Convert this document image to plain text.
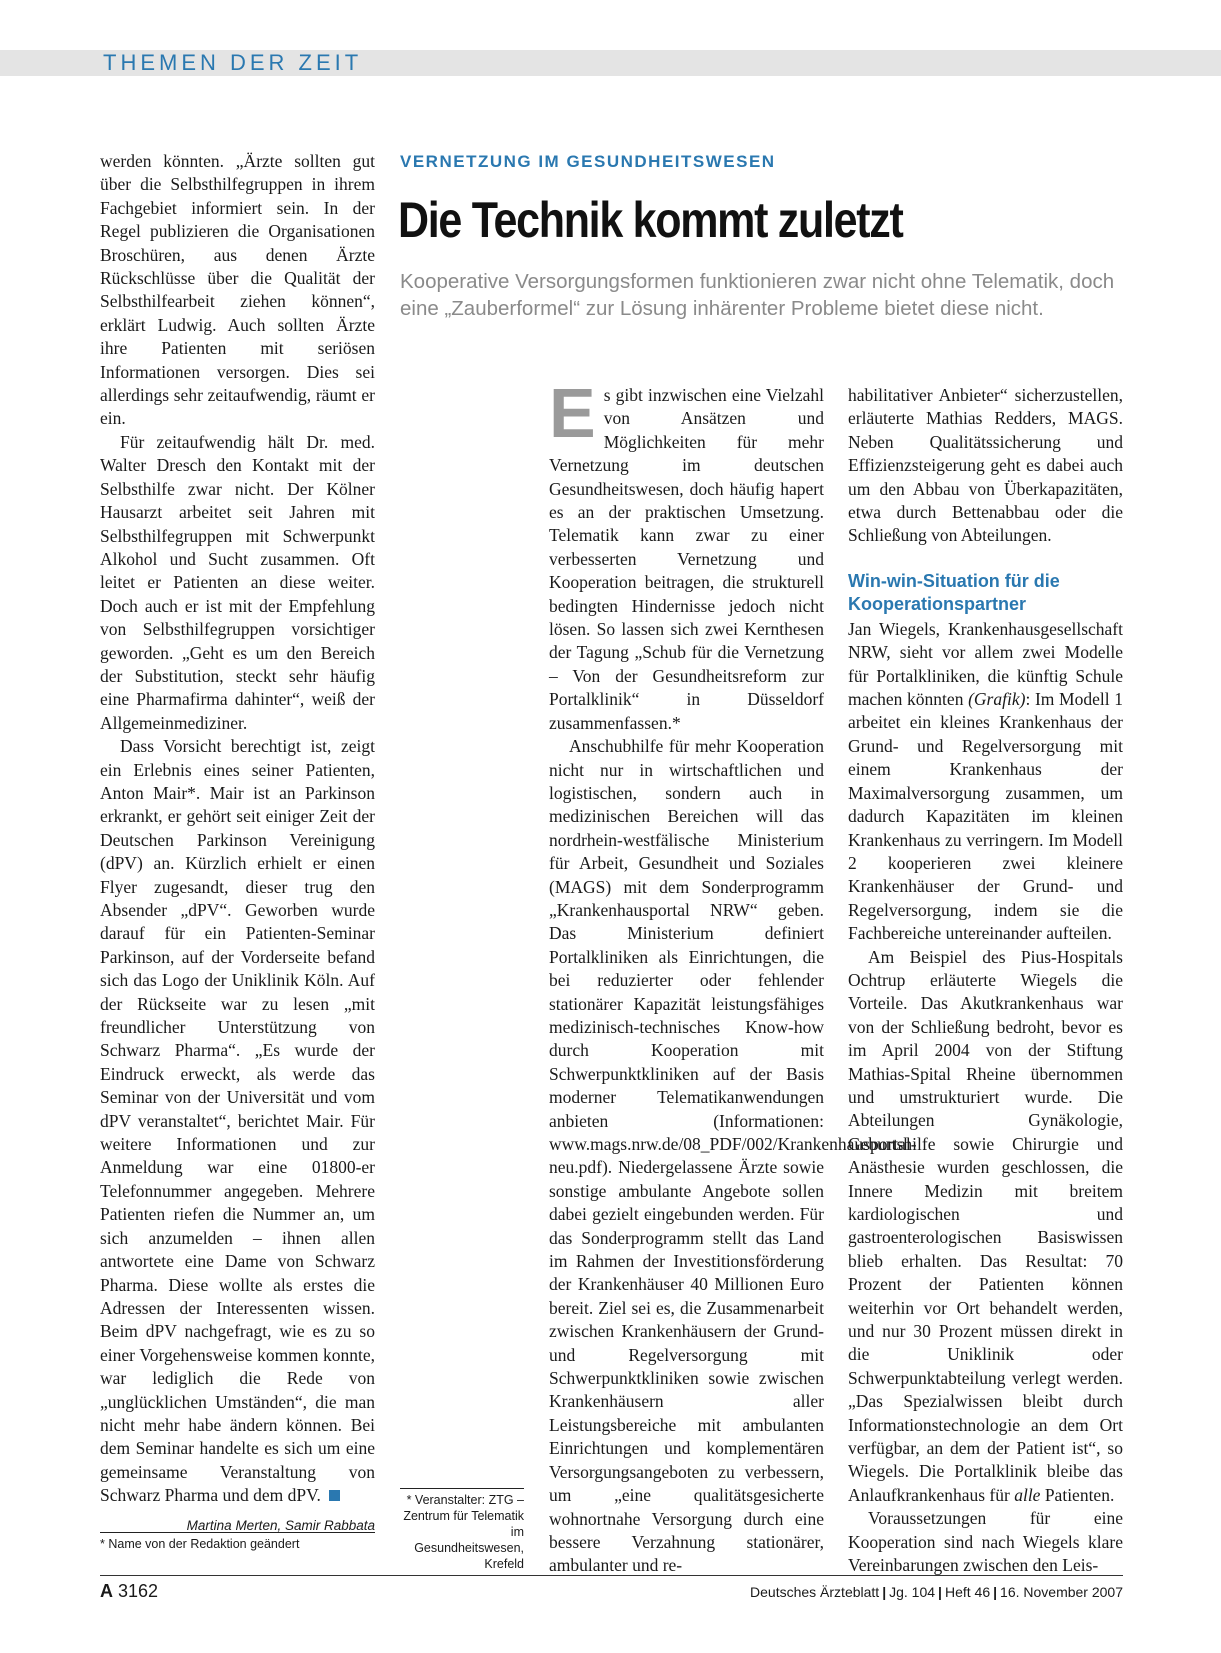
THEMEN DER ZEIT

werden könnten. „Ärzte sollten gut über die Selbsthilfegruppen in ihrem Fachgebiet informiert sein. In der Regel publizieren die Organisationen Broschüren, aus denen Ärzte Rückschlüsse über die Qualität der Selbsthilfearbeit ziehen können“, erklärt Ludwig. Auch sollten Ärzte ihre Patienten mit seriösen Informationen versorgen. Dies sei allerdings sehr zeitaufwendig, räumt er ein.

Für zeitaufwendig hält Dr. med. Walter Dresch den Kontakt mit der Selbsthilfe zwar nicht. Der Kölner Hausarzt arbeitet seit Jahren mit Selbsthilfegruppen mit Schwerpunkt Alkohol und Sucht zusammen. Oft leitet er Patienten an diese weiter. Doch auch er ist mit der Empfehlung von Selbsthilfegruppen vorsichtiger geworden. „Geht es um den Bereich der Substitution, steckt sehr häufig eine Pharmafirma dahinter“, weiß der Allgemeinmediziner.

Dass Vorsicht berechtigt ist, zeigt ein Erlebnis eines seiner Patienten, Anton Mair*. Mair ist an Parkinson erkrankt, er gehört seit einiger Zeit der Deutschen Parkinson Vereinigung (dPV) an. Kürzlich erhielt er einen Flyer zugesandt, dieser trug den Absender „dPV“. Geworben wurde darauf für ein Patienten-Seminar Parkinson, auf der Vorderseite befand sich das Logo der Uniklinik Köln. Auf der Rückseite war zu lesen „mit freundlicher Unterstützung von Schwarz Pharma“. „Es wurde der Eindruck erweckt, als werde das Seminar von der Universität und vom dPV veranstaltet“, berichtet Mair. Für weitere Informationen und zur Anmeldung war eine 01800-er Telefonnummer angegeben. Mehrere Patienten riefen die Nummer an, um sich anzumelden – ihnen allen antwortete eine Dame von Schwarz Pharma. Diese wollte als erstes die Adressen der Interessenten wissen. Beim dPV nachgefragt, wie es zu so einer Vorgehensweise kommen konnte, war lediglich die Rede von „unglücklichen Umständen“, die man nicht mehr habe ändern können. Bei dem Seminar handelte es sich um eine gemeinsame Veranstaltung von Schwarz Pharma und dem dPV.

Martina Merten, Samir Rabbata
* Name von der Redaktion geändert
VERNETZUNG IM GESUNDHEITSWESEN
Die Technik kommt zuletzt
Kooperative Versorgungsformen funktionieren zwar nicht ohne Telematik, doch eine „Zauberformel“ zur Lösung inhärenter Probleme bietet diese nicht.

E s gibt inzwischen eine Vielzahl von Ansätzen und Möglichkeiten für mehr Vernetzung im deutschen Gesundheitswesen, doch häufig hapert es an der praktischen Umsetzung. Telematik kann zwar zu einer verbesserten Vernetzung und Kooperation beitragen, die strukturell bedingten Hindernisse jedoch nicht lösen. So lassen sich zwei Kernthesen der Tagung „Schub für die Vernetzung – Von der Gesundheitsreform zur Portalklinik“ in Düsseldorf zusammenfassen.*

Anschubhilfe für mehr Kooperation nicht nur in wirtschaftlichen und logistischen, sondern auch in medizinischen Bereichen will das nordrhein-westfälische Ministerium für Arbeit, Gesundheit und Soziales (MAGS) mit dem Sonderprogramm „Krankenhausportal NRW“ geben. Das Ministerium definiert Portalkliniken als Einrichtungen, die bei reduzierter oder fehlender stationärer Kapazität leistungsfähiges medizinisch-technisches Know-how durch Kooperation mit Schwerpunktkliniken auf der Basis moderner Telematikanwendungen anbieten (Informationen: www.mags.nrw.de/08_PDF/002/Krankenhausportal-neu.pdf). Niedergelassene Ärzte sowie sonstige ambulante Angebote sollen dabei gezielt eingebunden werden. Für das Sonderprogramm stellt das Land im Rahmen der Investitionsförderung der Krankenhäuser 40 Millionen Euro bereit. Ziel sei es, die Zusammenarbeit zwischen Krankenhäusern der Grund- und Regelversorgung mit Schwerpunktkliniken sowie zwischen Krankenhäusern aller Leistungsbereiche mit ambulanten Einrichtungen und komplementären Versorgungsangeboten zu verbessern, um „eine qualitätsgesicherte wohnortnahe Versorgung durch eine bessere Verzahnung stationärer, ambulanter und re-

habilitativer Anbieter“ sicherzustellen, erläuterte Mathias Redders, MAGS. Neben Qualitätssicherung und Effizienzsteigerung geht es dabei auch um den Abbau von Überkapazitäten, etwa durch Bettenabbau oder die Schließung von Abteilungen.

Win-win-Situation für die Kooperationspartner

Jan Wiegels, Krankenhausgesellschaft NRW, sieht vor allem zwei Modelle für Portalkliniken, die künftig Schule machen könnten (Grafik): Im Modell 1 arbeitet ein kleines Krankenhaus der Grund- und Regelversorgung mit einem Krankenhaus der Maximalversorgung zusammen, um dadurch Kapazitäten im kleinen Krankenhaus zu verringern. Im Modell 2 kooperieren zwei kleinere Krankenhäuser der Grund- und Regelversorgung, indem sie die Fachbereiche untereinander aufteilen.

Am Beispiel des Pius-Hospitals Ochtrup erläuterte Wiegels die Vorteile. Das Akutkrankenhaus war von der Schließung bedroht, bevor es im April 2004 von der Stiftung Mathias-Spital Rheine übernommen und umstrukturiert wurde. Die Abteilungen Gynäkologie, Geburtshilfe sowie Chirurgie und Anästhesie wurden geschlossen, die Innere Medizin mit breitem kardiologischen und gastroenterologischen Basiswissen blieb erhalten. Das Resultat: 70 Prozent der Patienten können weiterhin vor Ort behandelt werden, und nur 30 Prozent müssen direkt in die Uniklinik oder Schwerpunktabteilung verlegt werden. „Das Spezialwissen bleibt durch Informationstechnologie an dem Ort verfügbar, an dem der Patient ist“, so Wiegels. Die Portalklinik bleibe das Anlaufkrankenhaus für alle Patienten.

Voraussetzungen für eine Kooperation sind nach Wiegels klare Vereinbarungen zwischen den Leis-

* Veranstalter: ZTG – Zentrum für Telematik im Gesundheitswesen, Krefeld
A 3162	Deutsches Ärzteblatt | Jg. 104 | Heft 46 | 16. November 2007
